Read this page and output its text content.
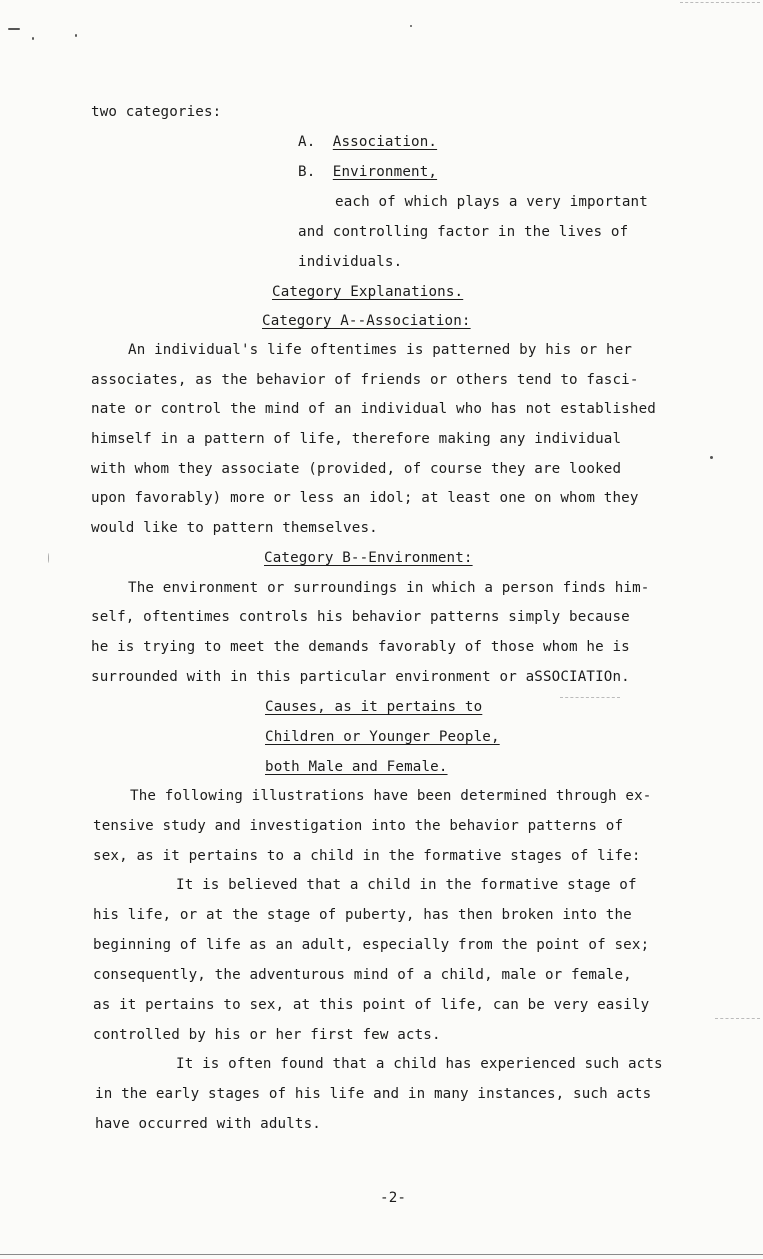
two categories:
A. Association.
B. Environment,
each of which plays a very important
and controlling factor in the lives of
individuals.
Category Explanations.
Category A--Association:
An individual's life oftentimes is patterned by his or her
associates, as the behavior of friends or others tend to fasci-
nate or control the mind of an individual who has not established
himself in a pattern of life, therefore making any individual
with whom they associate (provided, of course they are looked
upon favorably) more or less an idol; at least one on whom they
would like to pattern themselves.
Category B--Environment:
The environment or surroundings in which a person finds him-
self, oftentimes controls his behavior patterns simply because
he is trying to meet the demands favorably of those whom he is
surrounded with in this particular environment or aSSOCIATIOn.
Causes, as it pertains to
Children or Younger People,
both Male and Female.
The following illustrations have been determined through ex-
tensive study and investigation into the behavior patterns of
sex, as it pertains to a child in the formative stages of life:
It is believed that a child in the formative stage of
his life, or at the stage of puberty, has then broken into the
beginning of life as an adult, especially from the point of sex;
consequently, the adventurous mind of a child, male or female,
as it pertains to sex, at this point of life, can be very easily
controlled by his or her first few acts.
It is often found that a child has experienced such acts
in the early stages of his life and in many instances, such acts
have occurred with adults.
-2-
